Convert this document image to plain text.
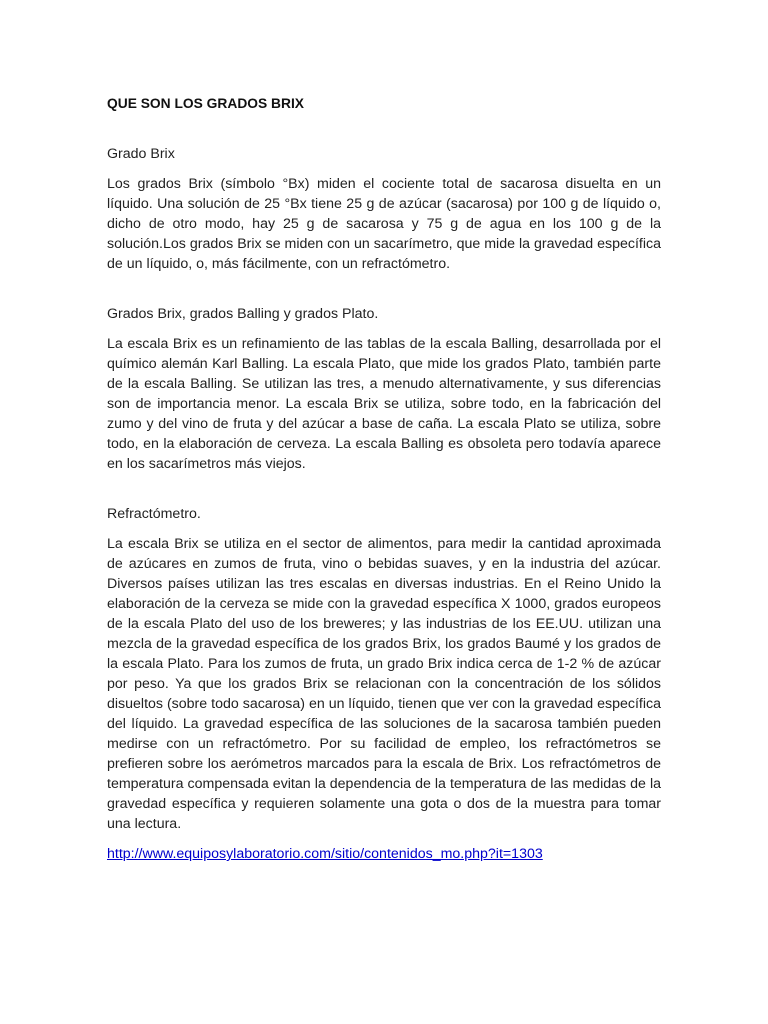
QUE SON LOS GRADOS BRIX

Grado Brix

Los grados Brix (símbolo °Bx) miden el cociente total de sacarosa disuelta en un líquido. Una solución de 25 °Bx tiene 25 g de azúcar (sacarosa) por 100 g de líquido o, dicho de otro modo, hay 25 g de sacarosa y 75 g de agua en los 100 g de la solución.Los grados Brix se miden con un sacarímetro, que mide la gravedad específica de un líquido, o, más fácilmente, con un refractómetro.

Grados Brix, grados Balling y grados Plato.

La escala Brix es un refinamiento de las tablas de la escala Balling, desarrollada por el químico alemán Karl Balling. La escala Plato, que mide los grados Plato, también parte de la escala Balling. Se utilizan las tres, a menudo alternativamente, y sus diferencias son de importancia menor. La escala Brix se utiliza, sobre todo, en la fabricación del zumo y del vino de fruta y del azúcar a base de caña. La escala Plato se utiliza, sobre todo, en la elaboración de cerveza. La escala Balling es obsoleta pero todavía aparece en los sacarímetros más viejos.

Refractómetro.

La escala Brix se utiliza en el sector de alimentos, para medir la cantidad aproximada de azúcares en zumos de fruta, vino o bebidas suaves, y en la industria del azúcar. Diversos países utilizan las tres escalas en diversas industrias. En el Reino Unido la elaboración de la cerveza se mide con la gravedad específica X 1000, grados europeos de la escala Plato del uso de los breweres; y las industrias de los EE.UU. utilizan una mezcla de la gravedad específica de los grados Brix, los grados Baumé y los grados de la escala Plato. Para los zumos de fruta, un grado Brix indica cerca de 1-2 % de azúcar por peso. Ya que los grados Brix se relacionan con la concentración de los sólidos disueltos (sobre todo sacarosa) en un líquido, tienen que ver con la gravedad específica del líquido. La gravedad específica de las soluciones de la sacarosa también pueden medirse con un refractómetro. Por su facilidad de empleo, los refractómetros se prefieren sobre los aerómetros marcados para la escala de Brix. Los refractómetros de temperatura compensada evitan la dependencia de la temperatura de las medidas de la gravedad específica y requieren solamente una gota o dos de la muestra para tomar una lectura.

http://www.equiposylaboratorio.com/sitio/contenidos_mo.php?it=1303
